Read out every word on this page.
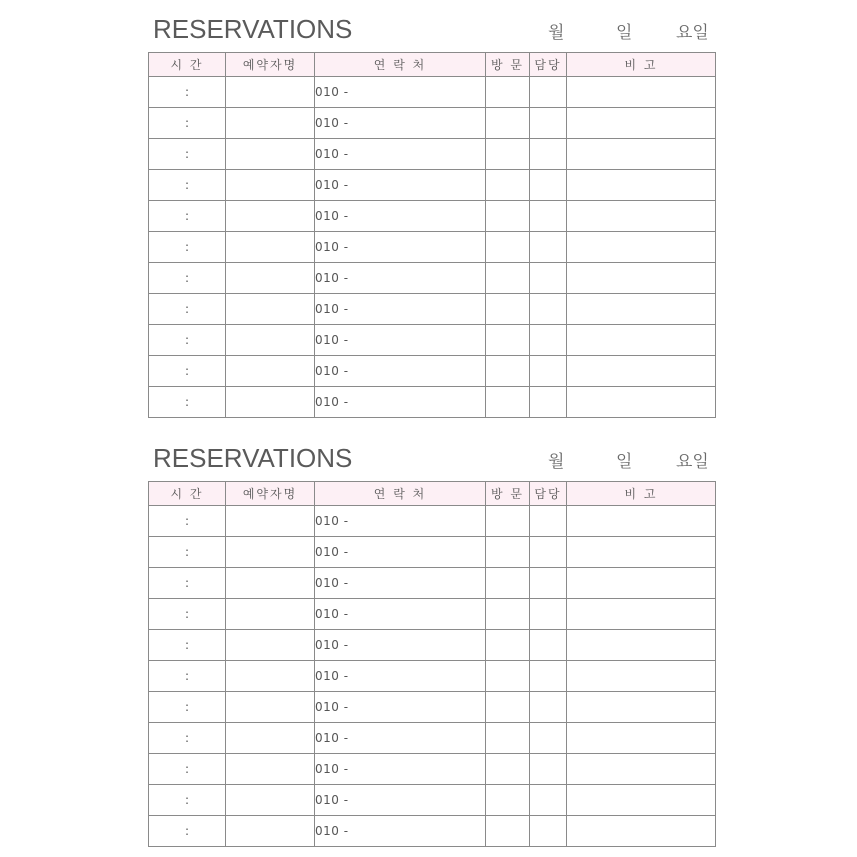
RESERVATIONS	월	일	요일
시 간	예약자명	연 락 처	방 문	담당	비 고
:		010 -			
:		010 -			
:		010 -			
:		010 -			
:		010 -			
:		010 -			
:		010 -			
:		010 -			
:		010 -			
:		010 -			
:		010 -			
RESERVATIONS	월	일	요일
시 간	예약자명	연 락 처	방 문	담당	비 고
:		010 -			
:		010 -			
:		010 -			
:		010 -			
:		010 -			
:		010 -			
:		010 -			
:		010 -			
:		010 -			
:		010 -			
:		010 -			
